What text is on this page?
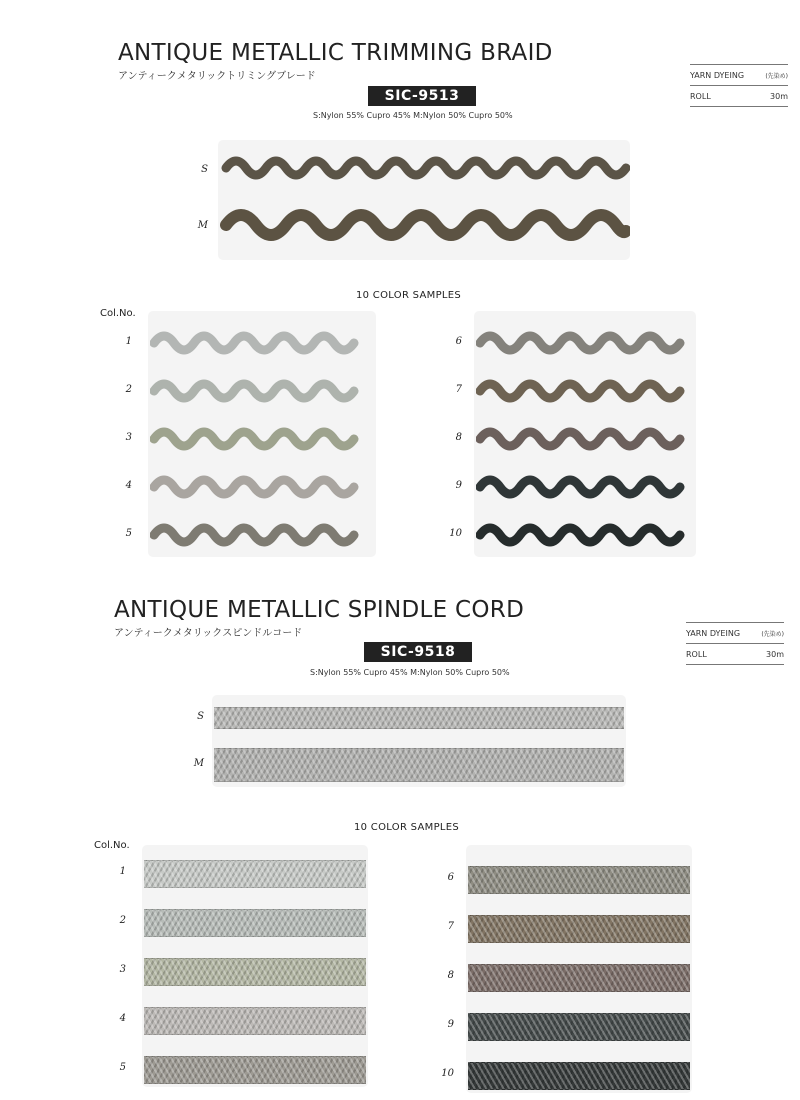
ANTIQUE METALLIC TRIMMING BRAID
アンティークメタリックトリミングブレード
SIC-9513
S:Nylon 55% Cupro 45% M:Nylon 50% Cupro 50%
YARN DYEING	(先染め)
ROLL	30m
S
M
10 COLOR SAMPLES
Col.No.
1
2
3
4
5
6
7
8
9
10
ANTIQUE METALLIC SPINDLE CORD
アンティークメタリックスピンドルコード
SIC-9518
S:Nylon 55% Cupro 45% M:Nylon 50% Cupro 50%
YARN DYEING	(先染め)
ROLL	30m
S
M
10 COLOR SAMPLES
Col.No.
1
2
3
4
5
6
7
8
9
10
